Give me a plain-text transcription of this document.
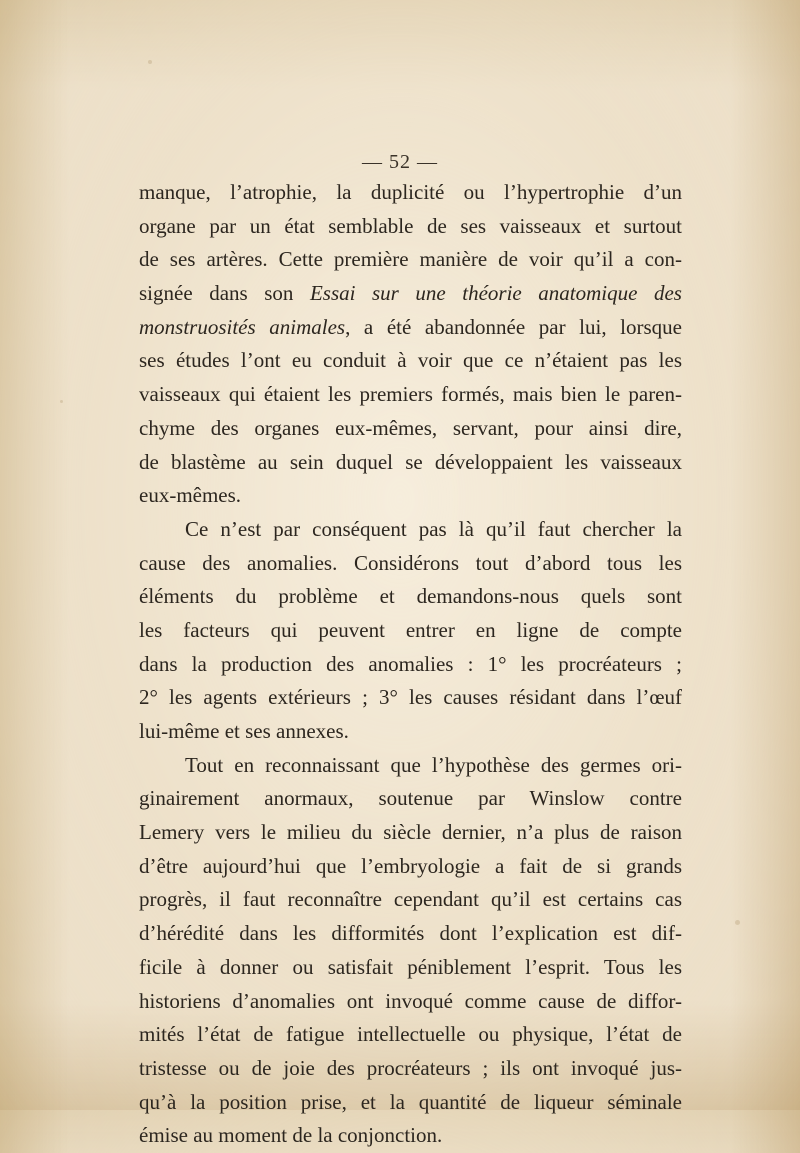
— 52 —

manque, l’atrophie, la duplicité ou l’hypertrophie d’un
organe par un état semblable de ses vaisseaux et surtout
de ses artères. Cette première manière de voir qu’il a con-
signée dans son Essai sur une théorie anatomique des
monstruosités animales, a été abandonnée par lui, lorsque
ses études l’ont eu conduit à voir que ce n’étaient pas les
vaisseaux qui étaient les premiers formés, mais bien le paren-
chyme des organes eux-mêmes, servant, pour ainsi dire,
de blastème au sein duquel se développaient les vaisseaux
eux-mêmes.

Ce n’est par conséquent pas là qu’il faut chercher la
cause des anomalies. Considérons tout d’abord tous les
éléments du problème et demandons-nous quels sont
les facteurs qui peuvent entrer en ligne de compte
dans la production des anomalies : 1° les procréateurs ;
2° les agents extérieurs ; 3° les causes résidant dans l’œuf
lui-même et ses annexes.

Tout en reconnaissant que l’hypothèse des germes ori-
ginairement anormaux, soutenue par Winslow contre
Lemery vers le milieu du siècle dernier, n’a plus de raison
d’être aujourd’hui que l’embryologie a fait de si grands
progrès, il faut reconnaître cependant qu’il est certains cas
d’hérédité dans les difformités dont l’explication est dif-
ficile à donner ou satisfait péniblement l’esprit. Tous les
historiens d’anomalies ont invoqué comme cause de diffor-
mités l’état de fatigue intellectuelle ou physique, l’état de
tristesse ou de joie des procréateurs ; ils ont invoqué jus-
qu’à la position prise, et la quantité de liqueur séminale
émise au moment de la conjonction.
